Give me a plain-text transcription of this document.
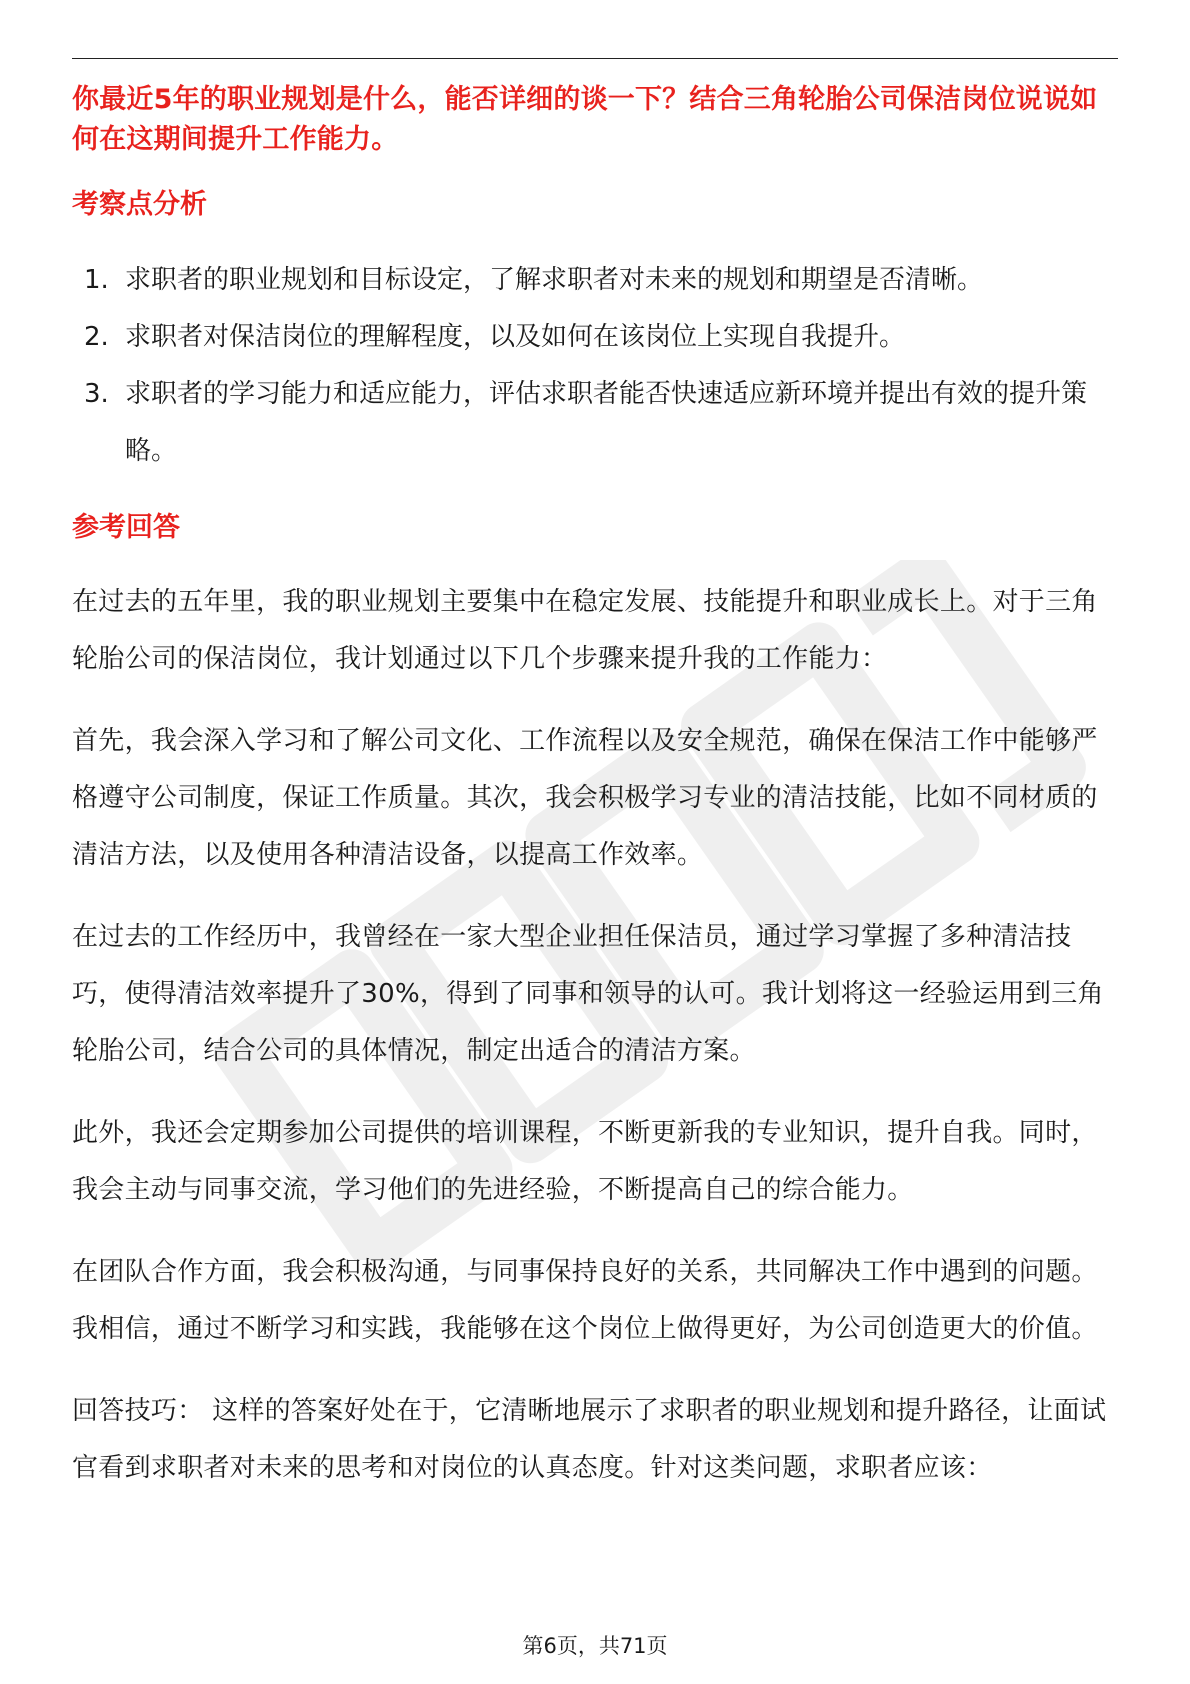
你最近5年的职业规划是什么，能否详细的谈一下？结合三角轮胎公司保洁岗位说说如何在这期间提升工作能力。
考察点分析
1. 求职者的职业规划和目标设定，了解求职者对未来的规划和期望是否清晰。
2. 求职者对保洁岗位的理解程度，以及如何在该岗位上实现自我提升。
3. 求职者的学习能力和适应能力，评估求职者能否快速适应新环境并提出有效的提升策略。
参考回答

在过去的五年里，我的职业规划主要集中在稳定发展、技能提升和职业成长上。对于三角轮胎公司的保洁岗位，我计划通过以下几个步骤来提升我的工作能力：

首先，我会深入学习和了解公司文化、工作流程以及安全规范，确保在保洁工作中能够严格遵守公司制度，保证工作质量。其次，我会积极学习专业的清洁技能，比如不同材质的清洁方法，以及使用各种清洁设备，以提高工作效率。

在过去的工作经历中，我曾经在一家大型企业担任保洁员，通过学习掌握了多种清洁技巧，使得清洁效率提升了30%，得到了同事和领导的认可。我计划将这一经验运用到三角轮胎公司，结合公司的具体情况，制定出适合的清洁方案。

此外，我还会定期参加公司提供的培训课程，不断更新我的专业知识，提升自我。同时，我会主动与同事交流，学习他们的先进经验，不断提高自己的综合能力。

在团队合作方面，我会积极沟通，与同事保持良好的关系，共同解决工作中遇到的问题。我相信，通过不断学习和实践，我能够在这个岗位上做得更好，为公司创造更大的价值。

回答技巧： 这样的答案好处在于，它清晰地展示了求职者的职业规划和提升路径，让面试官看到求职者对未来的思考和对岗位的认真态度。针对这类问题，求职者应该：

第6页，共71页
